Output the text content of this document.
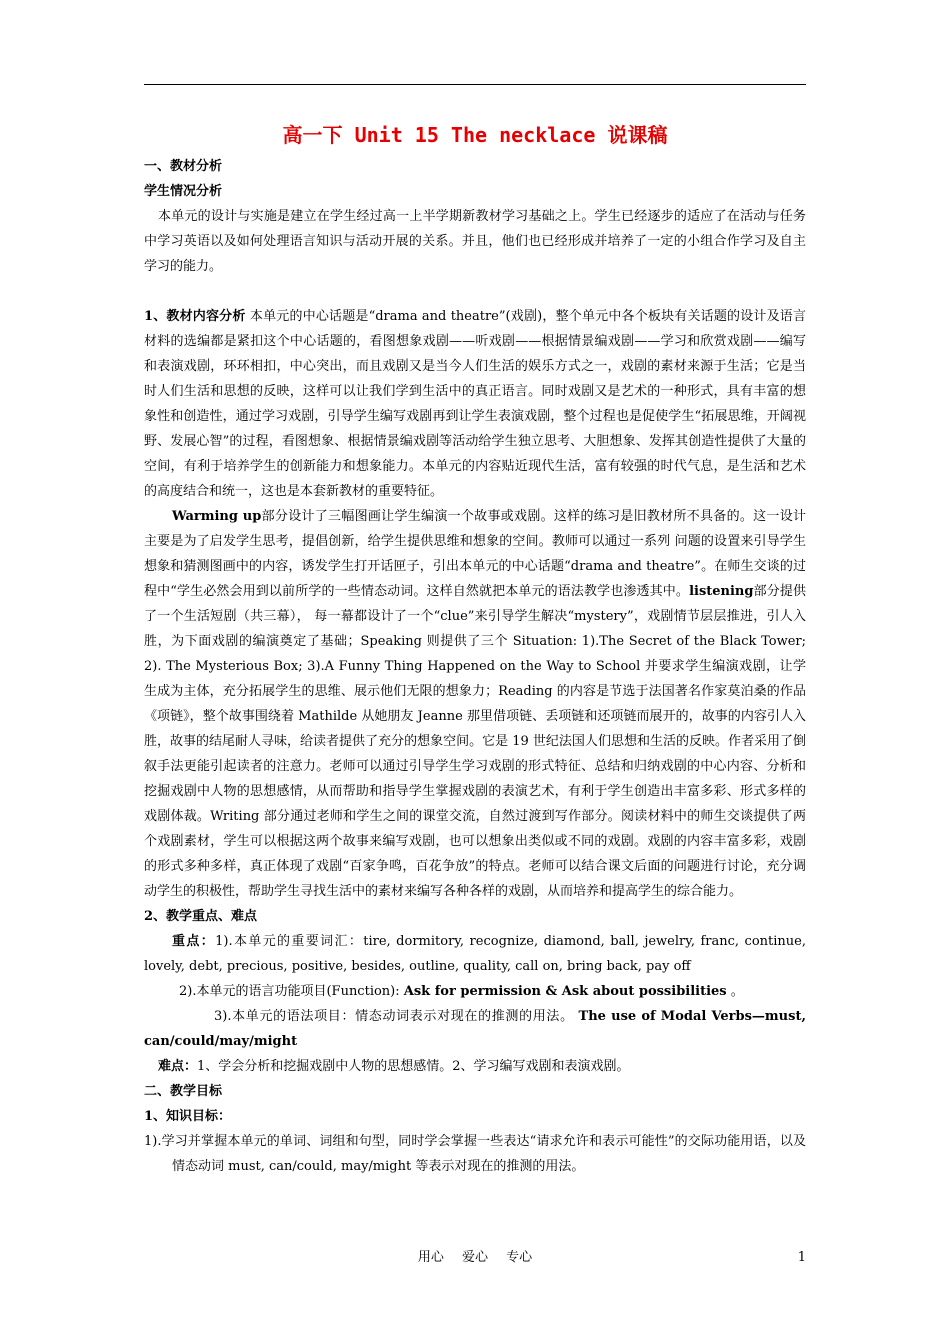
高一下 Unit 15 The necklace 说课稿
一、教材分析
学生情况分析
本单元的设计与实施是建立在学生经过高一上半学期新教材学习基础之上。学生已经逐步的适应了在活动与任务中学习英语以及如何处理语言知识与活动开展的关系。并且，他们也已经形成并培养了一定的小组合作学习及自主学习的能力。
1、教材内容分析 本单元的中心话题是“drama and theatre”(戏剧)，整个单元中各个板块有关话题的设计及语言材料的选编都是紧扣这个中心话题的，看图想象戏剧——听戏剧——根据情景编戏剧——学习和欣赏戏剧——编写和表演戏剧，环环相扣，中心突出，而且戏剧又是当今人们生活的娱乐方式之一，戏剧的素材来源于生活；它是当时人们生活和思想的反映，这样可以让我们学到生活中的真正语言。同时戏剧又是艺术的一种形式，具有丰富的想象性和创造性，通过学习戏剧，引导学生编写戏剧再到让学生表演戏剧，整个过程也是促使学生“拓展思维，开阔视野、发展心智”的过程，看图想象、根据情景编戏剧等活动给学生独立思考、大胆想象、发挥其创造性提供了大量的空间，有利于培养学生的创新能力和想象能力。本单元的内容贴近现代生活，富有较强的时代气息，是生活和艺术的高度结合和统一，这也是本套新教材的重要特征。
Warming up部分设计了三幅图画让学生编演一个故事或戏剧。这样的练习是旧教材所不具备的。这一设计主要是为了启发学生思考，提倡创新，给学生提供思维和想象的空间。教师可以通过一系列 问题的设置来引导学生想象和猜测图画中的内容，诱发学生打开话匣子，引出本单元的中心话题“drama and theatre”。在师生交谈的过程中“学生必然会用到以前所学的一些情态动词。这样自然就把本单元的语法教学也渗透其中。listening部分提供了一个生活短剧（共三幕）， 每一幕都设计了一个“clue”来引导学生解决“mystery”，戏剧情节层层推进，引人入胜，为下面戏剧的编演奠定了基础；Speaking 则提供了三个 Situation: 1).The Secret of the Black Tower; 2). The Mysterious Box; 3).A Funny Thing Happened on the Way to School 并要求学生编演戏剧，让学生成为主体，充分拓展学生的思维、展示他们无限的想象力；Reading 的内容是节选于法国著名作家莫泊桑的作品《项链》，整个故事围绕着 Mathilde 从她朋友 Jeanne 那里借项链、丢项链和还项链而展开的，故事的内容引人入胜，故事的结尾耐人寻味，给读者提供了充分的想象空间。它是 19 世纪法国人们思想和生活的反映。作者采用了倒叙手法更能引起读者的注意力。老师可以通过引导学生学习戏剧的形式特征、总结和归纳戏剧的中心内容、分析和挖掘戏剧中人物的思想感情，从而帮助和指导学生掌握戏剧的表演艺术，有利于学生创造出丰富多彩、形式多样的戏剧体裁。Writing 部分通过老师和学生之间的课堂交流，自然过渡到写作部分。阅读材料中的师生交谈提供了两个戏剧素材，学生可以根据这两个故事来编写戏剧，也可以想象出类似或不同的戏剧。戏剧的内容丰富多彩，戏剧的形式多种多样，真正体现了戏剧“百家争鸣，百花争放”的特点。老师可以结合课文后面的问题进行讨论，充分调动学生的积极性，帮助学生寻找生活中的素材来编写各种各样的戏剧，从而培养和提高学生的综合能力。
2、教学重点、难点
重点：1).本单元的重要词汇：tire, dormitory, recognize, diamond, ball, jewelry, franc, continue, lovely, debt, precious, positive, besides, outline, quality, call on, bring back, pay off
2).本单元的语言功能项目(Function): Ask for permission & Ask about possibilities 。
3).本单元的语法项目：情态动词表示对现在的推测的用法。 The use of Modal Verbs—must, can/could/may/might
难点：1、学会分析和挖掘戏剧中人物的思想感情。2、学习编写戏剧和表演戏剧。
二、教学目标
1、知识目标：
1).学习并掌握本单元的单词、词组和句型，同时学会掌握一些表达“请求允许和表示可能性”的交际功能用语，以及情态动词 must, can/could, may/might 等表示对现在的推测的用法。
用心 爱心 专心	1
